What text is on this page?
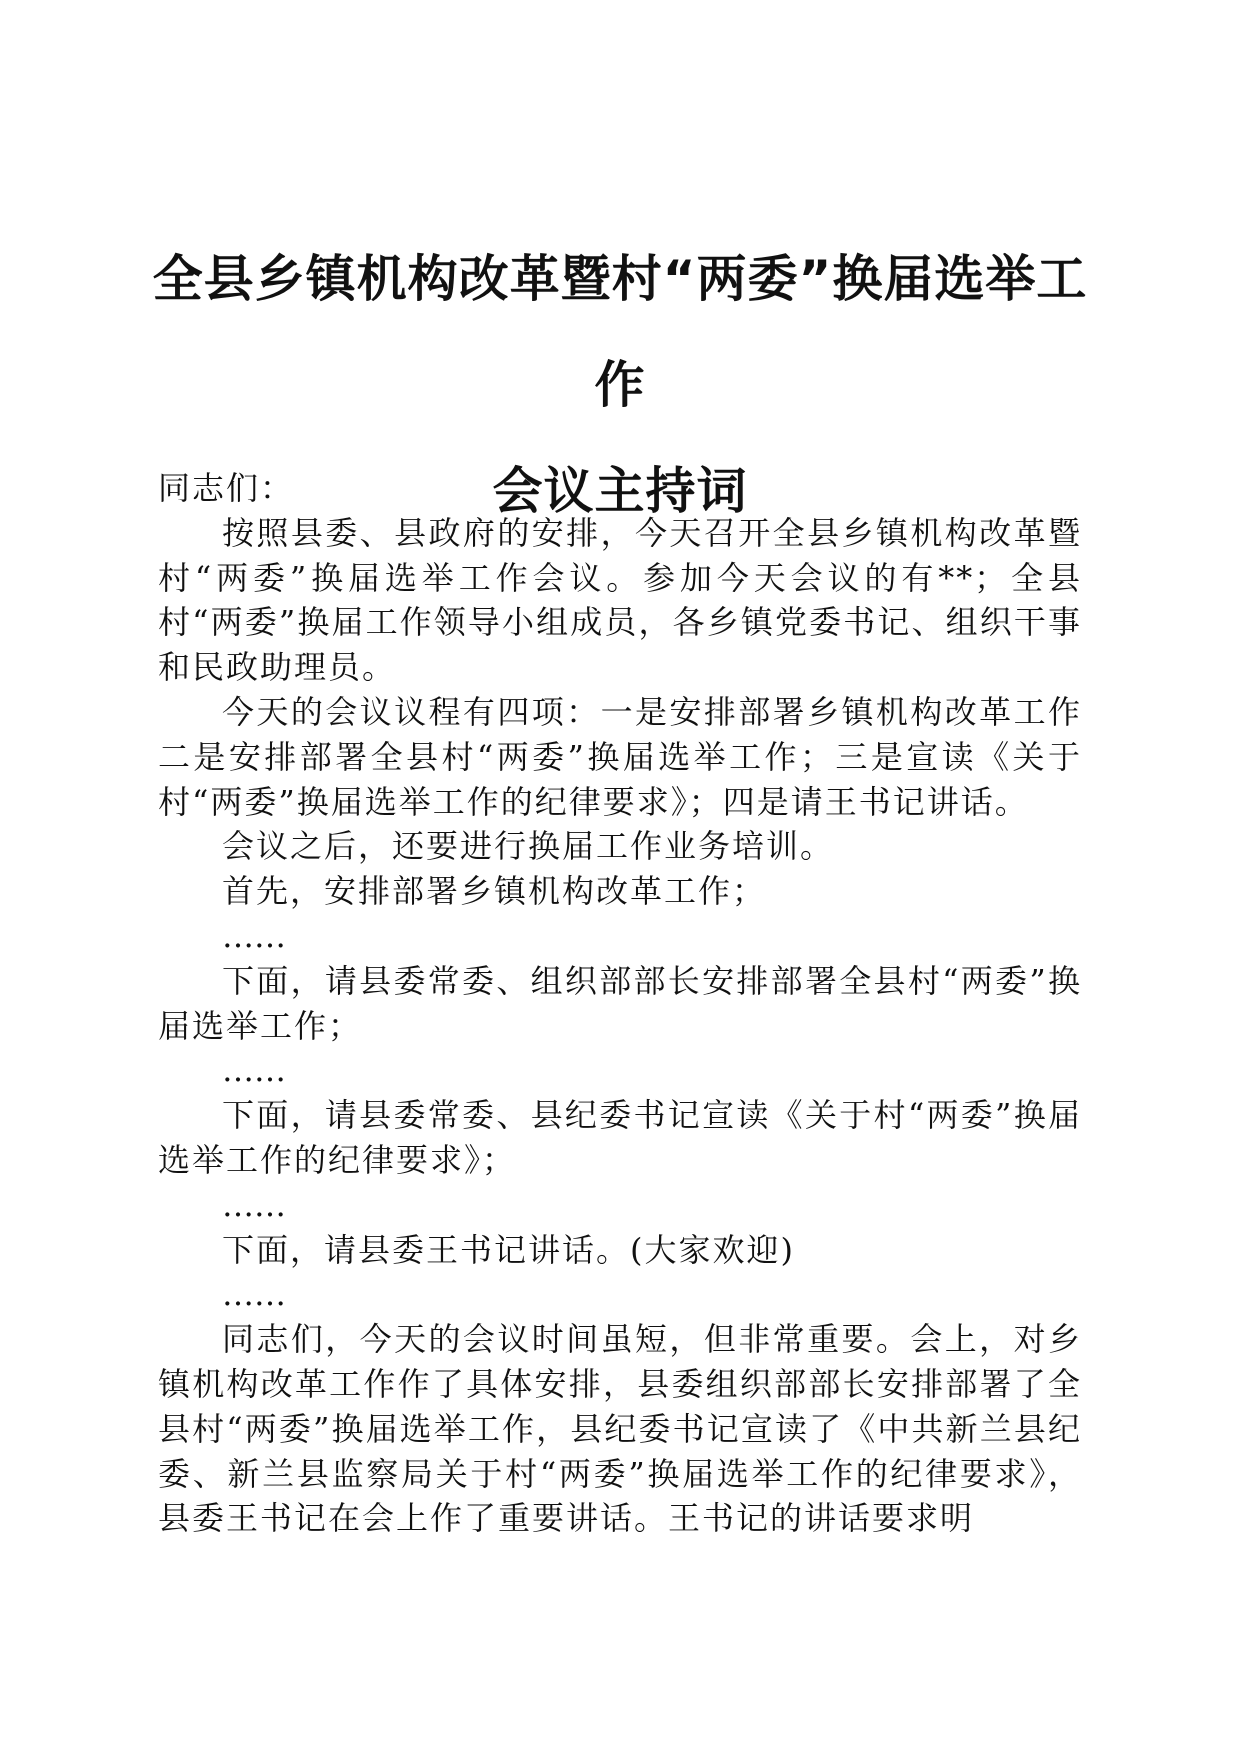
全县乡镇机构改革暨村“两委”换届选举工作
会议主持词

同志们：

按照县委、县政府的安排，今天召开全县乡镇机构改革暨村“两委”换届选举工作会议。参加今天会议的有**；全县村“两委”换届工作领导小组成员，各乡镇党委书记、组织干事和民政助理员。

今天的会议议程有四项：一是安排部署乡镇机构改革工作二是安排部署全县村“两委”换届选举工作；三是宣读《关于村“两委”换届选举工作的纪律要求》；四是请王书记讲话。

会议之后，还要进行换届工作业务培训。

首先，安排部署乡镇机构改革工作；

……

下面，请县委常委、组织部部长安排部署全县村“两委”换届选举工作；

……

下面，请县委常委、县纪委书记宣读《关于村“两委”换届选举工作的纪律要求》；

……

下面，请县委王书记讲话。(大家欢迎)

……

同志们，今天的会议时间虽短，但非常重要。会上，对乡镇机构改革工作作了具体安排，县委组织部部长安排部署了全县村“两委”换届选举工作，县纪委书记宣读了《中共新兰县纪委、新兰县监察局关于村“两委”换届选举工作的纪律要求》，县委王书记在会上作了重要讲话。王书记的讲话要求明
